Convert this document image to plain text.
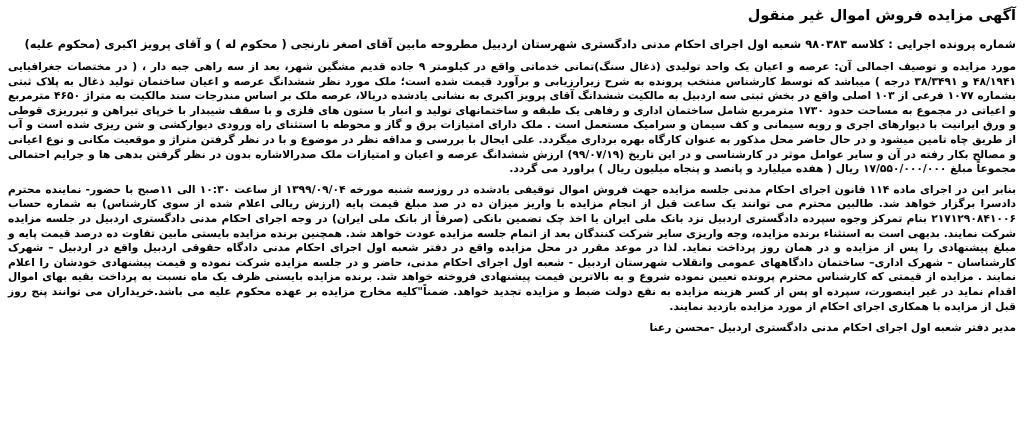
آگهی مزایده فروش اموال غیر منقول
شماره پرونده اجرایی : کلاسه ۹۸۰۳۸۳ شعبه اول اجرای احکام مدنی دادگستری شهرستان اردبیل مطروحه مابین آقای اصغر نارنجی ( محکوم له ) و آقای پرویز اکبری (محکوم علیه)
مورد مزایده و توصیف اجمالی آن: عرصه و اعیان یک واحد تولیدی (ذغال سنگ)تمانی خدماتی واقع در کیلومتر ۹ جاده قدیم مشگین شهر، بعد از سه راهی جبه دار ، ( در مختصات جغرافیایی ۴۸/۱۹۴۱ و ۳۸/۳۴۹۱ درجه ) میباشد که توسط کارشناس منتخب پرونده به شرح زیرارزیابی و برآورد قیمت شده است؛ ملک مورد نظر ششدانگ عرصه و اعیان ساختمان تولید ذغال به پلاک ثبتی بشماره ۱۰۷۷ فرعی از ۱۰۳ اصلی واقع در بخش ثبتی سه اردبیل به مالکیت ششدانگ آقای پرویز اکبری به نشانی یادشده دریالا، عرصه ملک بر اساس مندرجات سند مالکیت به متراژ ۴۶۵۰ مترمربع و اعیاتی در مجموع به مساحت حدود ۱۷۳۰ مترمربع شامل ساختمان اداری و رفاهی یک طبقه و ساختمانهای تولید و انبار با ستون های فلزی و با سقف شیبدار با خرپای تیراهن و تیرریزی قوطی و ورق ایرانیت با دیوارهای اجری و رویه سیمانی و کف سیمان و سرامیک مستعمل است . ملک دارای امتیازات برق و گاز و محوطه با استثنای راه ورودی دیوارکشی و شن ریزی شده است و آب از طریق چاه تامین میشود و در حال حاضر محل مذکور به عنوان کارگاه بهره برداری میگردد. علی ایحال با بررسی و مداقه نظر در موضوع و با در نظر گرفتن متراژ و موقعیت مکانی و نوع اعیانی و مصالح بکار رفته در آن و سایر عوامل موثر در کارشناسی و در این تاریخ (۹۹/۰۷/۱۹) ارزش ششدانگ عرصه و اعیان و امتیازات ملک صدرالاشاره بدون در نظر گرفتن بدهی ها و جرایم احتمالی مجموعاً مبلغ ۱۷/۵۵۰/۰۰۰/۰۰۰ ریال ( هفده میلیارد و پانصد و پنجاه میلیون ریال ) براورد می گردد.
بنابر این در اجرای ماده ۱۱۴ قانون اجرای احکام مدنی جلسه مزایده جهت فروش اموال توقیفی یادشده در روزسه شنبه مورخه ۱۳۹۹/۰۹/۰۴ از ساعت ۱۰:۳۰ الی ۱۱صبح با حضور- نماینده محترم دادسرا برگزار خواهد شد. طالبین محترم می توانند یک ساعت قبل از انجام مزایده با واریز میزان ده در صد مبلغ قیمت پایه (ارزش ریالی اعلام شده از سوی کارشناس) به شماره حساب ۲۱۷۱۲۹۰۸۴۱۰۰۶ بنام تمرکز وجوه سپرده دادگستری اردبیل نزد بانک ملی ایران یا اخذ چک تضمین بانکی (صرفاً از بانک ملی ایران) در وجه اجرای احکام مدنی دادگستری اردبیل در جلسه مزایده شرکت نمایند. بدیهی است به استثناء برنده مزایده، وجه واریزی سایر شرکت کنندگان بعد از اتمام جلسه مزایده عودت خواهد شد. همچنین برنده مزایده بایستی مابین تفاوت ده درصد قیمت پایه و مبلغ پیشنهادی را پس از مزایده و در همان روز پرداخت نماید. لذا در موعد مقرر در محل مزایده واقع در دفتر شعبه اول اجرای احکام مدنی دادگاه حقوقی اردبیل واقع در اردبیل – شهرک کارشناسان – شهرک اداری– ساختمان دادگاههای عمومی وانقلاب شهرستان اردبیل - شعبه اول اجرای احکام مدنی، حاضر و در جلسه مزایده شرکت نموده و قیمت پیشنهادی خودشان را اعلام نمایند . مزایده از قیمتی که کارشناس محترم پرونده تعیین نموده شروع و به بالاترین قیمت پیشنهادی فروخته خواهد شد. برنده مزایده بایستی ظرف یک ماه نسبت به پرداخت بقیه بهای اموال اقدام نماید در غیر اینصورت، سپرده او پس از کسر هزینه مزایده به نفع دولت ضبط و مزایده تجدید خواهد. ضمناً"کلیه مخارج مزایده بر عهده محکوم علیه می باشد.خریداران می توانند پنج روز قبل از مزایده با همکاری اجرای احکام از مورد مزایده بازدید نمایند.
مدیر دفتر شعبه اول اجرای احکام مدنی دادگستری اردبیل -محسن رعنا
